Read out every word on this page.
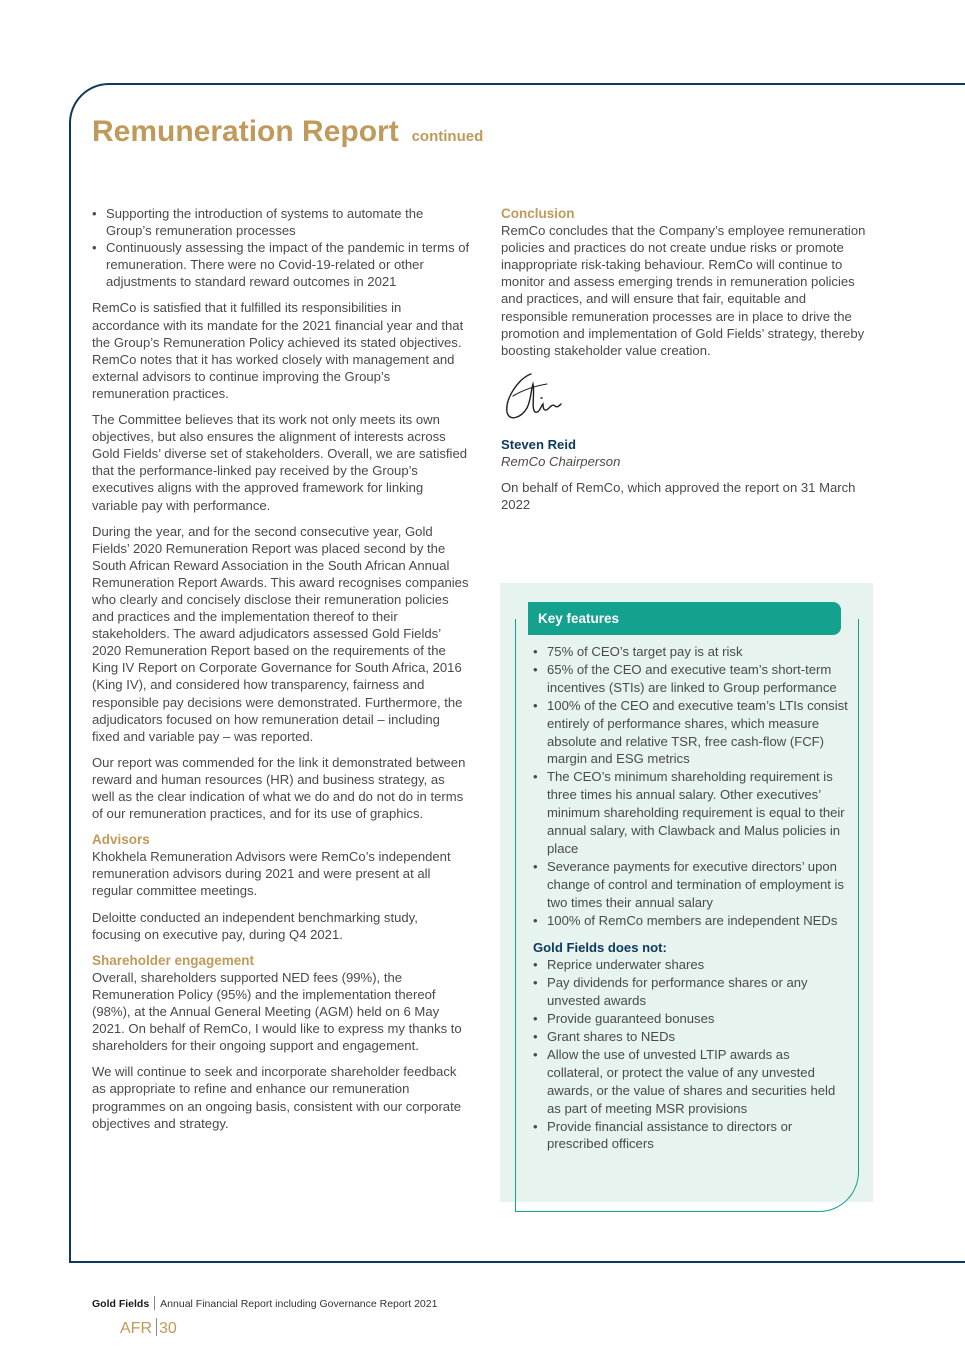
Remuneration Report continued
• Supporting the introduction of systems to automate the Group’s remuneration processes
• Continuously assessing the impact of the pandemic in terms of remuneration. There were no Covid-19-related or other adjustments to standard reward outcomes in 2021

RemCo is satisfied that it fulfilled its responsibilities in accordance with its mandate for the 2021 financial year and that the Group’s Remuneration Policy achieved its stated objectives. RemCo notes that it has worked closely with management and external advisors to continue improving the Group’s remuneration practices.

The Committee believes that its work not only meets its own objectives, but also ensures the alignment of interests across Gold Fields’ diverse set of stakeholders. Overall, we are satisfied that the performance-linked pay received by the Group’s executives aligns with the approved framework for linking variable pay with performance.

During the year, and for the second consecutive year, Gold Fields’ 2020 Remuneration Report was placed second by the South African Reward Association in the South African Annual Remuneration Report Awards. This award recognises companies who clearly and concisely disclose their remuneration policies and practices and the implementation thereof to their stakeholders. The award adjudicators assessed Gold Fields’ 2020 Remuneration Report based on the requirements of the King IV Report on Corporate Governance for South Africa, 2016 (King IV), and considered how transparency, fairness and responsible pay decisions were demonstrated. Furthermore, the adjudicators focused on how remuneration detail – including fixed and variable pay – was reported.

Our report was commended for the link it demonstrated between reward and human resources (HR) and business strategy, as well as the clear indication of what we do and do not do in terms of our remuneration practices, and for its use of graphics.

Advisors

Khokhela Remuneration Advisors were RemCo’s independent remuneration advisors during 2021 and were present at all regular committee meetings.

Deloitte conducted an independent benchmarking study, focusing on executive pay, during Q4 2021.

Shareholder engagement

Overall, shareholders supported NED fees (99%), the Remuneration Policy (95%) and the implementation thereof (98%), at the Annual General Meeting (AGM) held on 6 May 2021. On behalf of RemCo, I would like to express my thanks to shareholders for their ongoing support and engagement.

We will continue to seek and incorporate shareholder feedback as appropriate to refine and enhance our remuneration programmes on an ongoing basis, consistent with our corporate objectives and strategy.

Conclusion

RemCo concludes that the Company’s employee remuneration policies and practices do not create undue risks or promote inappropriate risk-taking behaviour. RemCo will continue to monitor and assess emerging trends in remuneration policies and practices, and will ensure that fair, equitable and responsible remuneration processes are in place to drive the promotion and implementation of Gold Fields’ strategy, thereby boosting stakeholder value creation.

Steven Reid
RemCo Chairperson

On behalf of RemCo, which approved the report on 31 March 2022

Key features
• 75% of CEO’s target pay is at risk
• 65% of the CEO and executive team’s short-term incentives (STIs) are linked to Group performance
• 100% of the CEO and executive team’s LTIs consist entirely of performance shares, which measure absolute and relative TSR, free cash-flow (FCF) margin and ESG metrics
• The CEO’s minimum shareholding requirement is three times his annual salary. Other executives’ minimum shareholding requirement is equal to their annual salary, with Clawback and Malus policies in place
• Severance payments for executive directors’ upon change of control and termination of employment is two times their annual salary
• 100% of RemCo members are independent NEDs
Gold Fields does not:
• Reprice underwater shares
• Pay dividends for performance shares or any unvested awards
• Provide guaranteed bonuses
• Grant shares to NEDs
• Allow the use of unvested LTIP awards as collateral, or protect the value of any unvested awards, or the value of shares and securities held as part of meeting MSR provisions
• Provide financial assistance to directors or prescribed officers
Gold Fields Annual Financial Report including Governance Report 2021
AFR 30
